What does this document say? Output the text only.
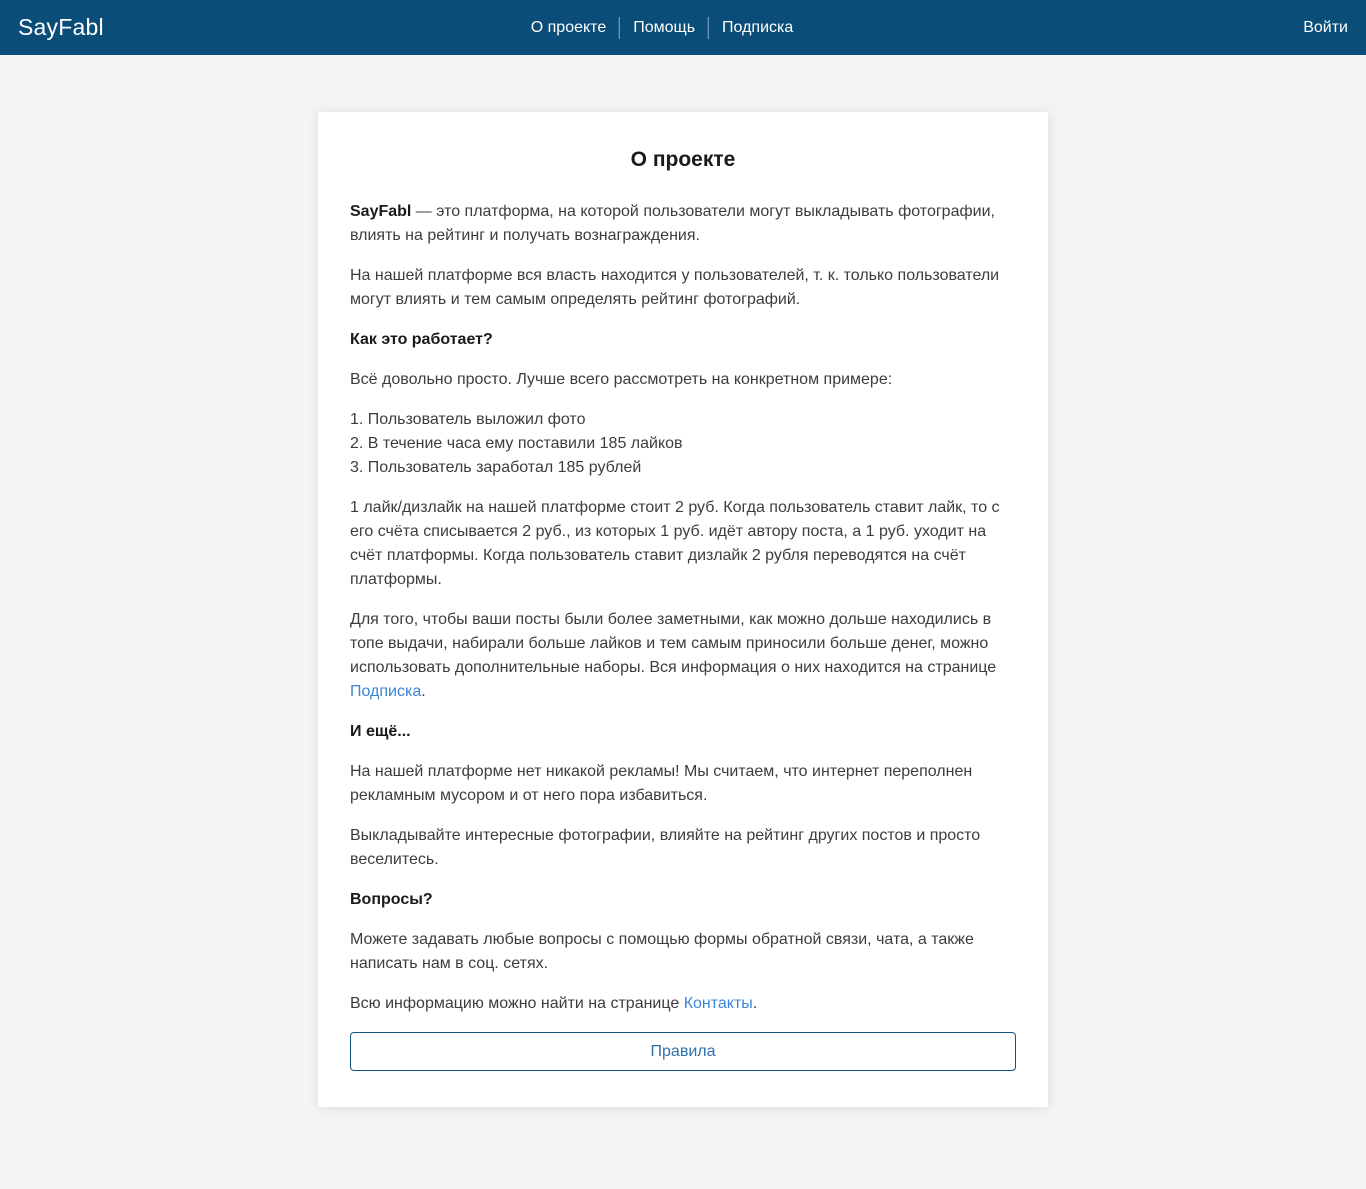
SayFabl	О проекте	Помощь	Подписка	Войти
О проекте

SayFabl — это платформа, на которой пользователи могут выкладывать фотографии, влиять на рейтинг и получать вознаграждения.

На нашей платформе вся власть находится у пользователей, т. к. только пользователи могут влиять и тем самым определять рейтинг фотографий.

Как это работает?

Всё довольно просто. Лучше всего рассмотреть на конкретном примере:

1. Пользователь выложил фото
2. В течение часа ему поставили 185 лайков
3. Пользователь заработал 185 рублей

1 лайк/дизлайк на нашей платформе стоит 2 руб. Когда пользователь ставит лайк, то с его счёта списывается 2 руб., из которых 1 руб. идёт автору поста, а 1 руб. уходит на счёт платформы. Когда пользователь ставит дизлайк 2 рубля переводятся на счёт платформы.

Для того, чтобы ваши посты были более заметными, как можно дольше находились в топе выдачи, набирали больше лайков и тем самым приносили больше денег, можно использовать дополнительные наборы. Вся информация о них находится на странице Подписка.

И ещё...

На нашей платформе нет никакой рекламы! Мы считаем, что интернет переполнен рекламным мусором и от него пора избавиться.

Выкладывайте интересные фотографии, влияйте на рейтинг других постов и просто веселитесь.

Вопросы?

Можете задавать любые вопросы с помощью формы обратной связи, чата, а также написать нам в соц. сетях.

Всю информацию можно найти на странице Контакты.

Правила
